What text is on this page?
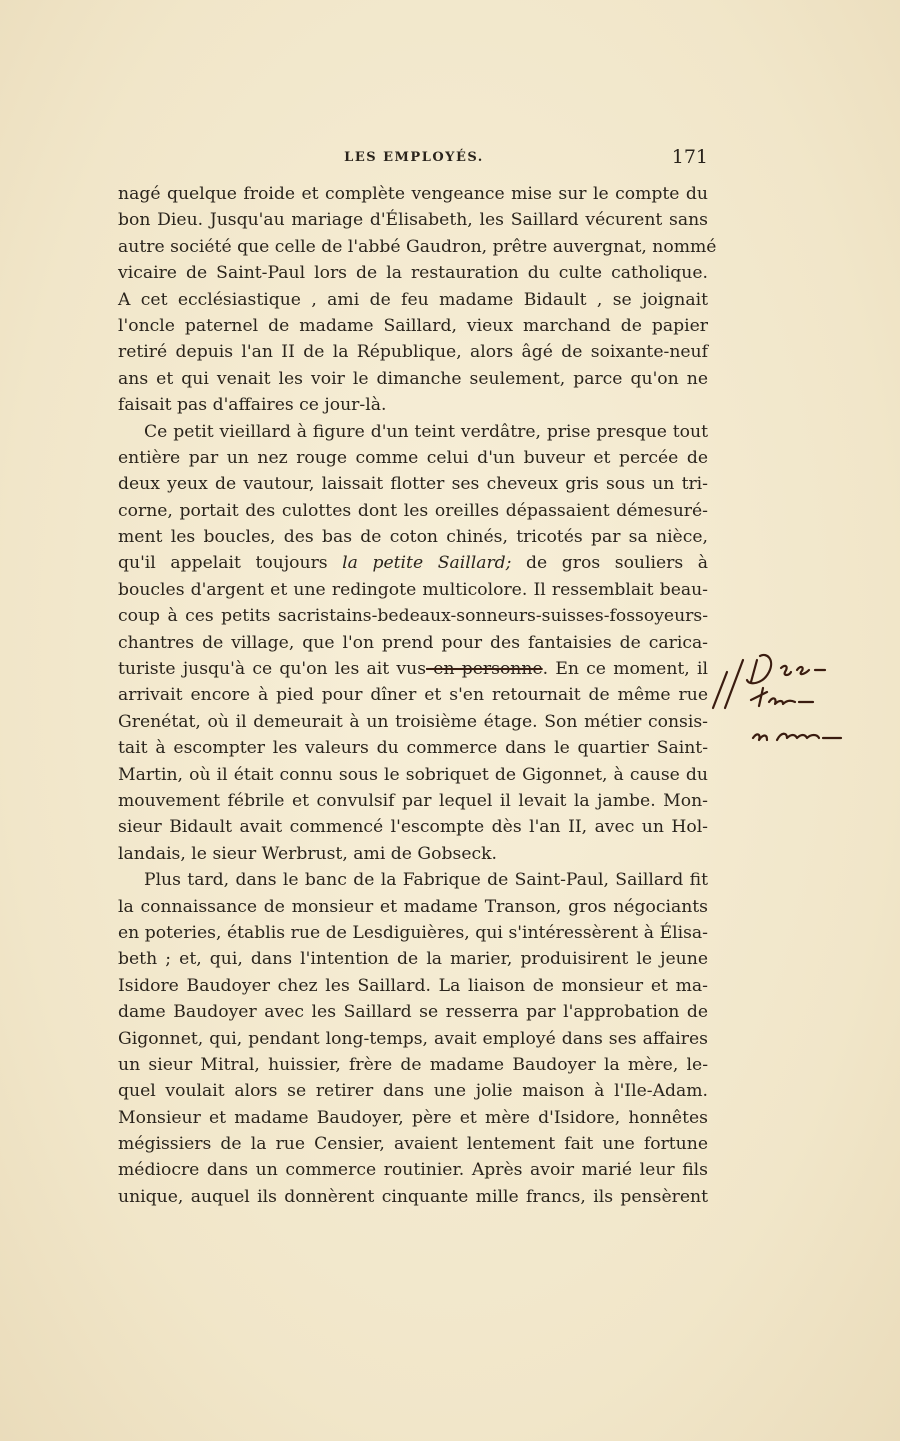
LES EMPLOYÉS.	171
nagé quelque froide et complète vengeance mise sur le compte du
bon Dieu. Jusqu'au mariage d'Élisabeth, les Saillard vécurent sans
autre société que celle de l'abbé Gaudron, prêtre auvergnat, nommé
vicaire de Saint-Paul lors de la restauration du culte catholique.
A cet ecclésiastique , ami de feu madame Bidault , se joignait
l'oncle paternel de madame Saillard, vieux marchand de papier
retiré depuis l'an II de la République, alors âgé de soixante-neuf
ans et qui venait les voir le dimanche seulement, parce qu'on ne
faisait pas d'affaires ce jour-là.
Ce petit vieillard à figure d'un teint verdâtre, prise presque tout
entière par un nez rouge comme celui d'un buveur et percée de
deux yeux de vautour, laissait flotter ses cheveux gris sous un tri-
corne, portait des culottes dont les oreilles dépassaient démesuré-
ment les boucles, des bas de coton chinés, tricotés par sa nièce,
qu'il appelait toujours la petite Saillard; de gros souliers à
boucles d'argent et une redingote multicolore. Il ressemblait beau-
coup à ces petits sacristains-bedeaux-sonneurs-suisses-fossoyeurs-
chantres de village, que l'on prend pour des fantaisies de carica-
turiste jusqu'à ce qu'on les ait vus en personne. En ce moment, il
arrivait encore à pied pour dîner et s'en retournait de même rue
Grenétat, où il demeurait à un troisième étage. Son métier consis-
tait à escompter les valeurs du commerce dans le quartier Saint-
Martin, où il était connu sous le sobriquet de Gigonnet, à cause du
mouvement fébrile et convulsif par lequel il levait la jambe. Mon-
sieur Bidault avait commencé l'escompte dès l'an II, avec un Hol-
landais, le sieur Werbrust, ami de Gobseck.
Plus tard, dans le banc de la Fabrique de Saint-Paul, Saillard fit
la connaissance de monsieur et madame Transon, gros négociants
en poteries, établis rue de Lesdiguières, qui s'intéressèrent à Élisa-
beth ; et, qui, dans l'intention de la marier, produisirent le jeune
Isidore Baudoyer chez les Saillard. La liaison de monsieur et ma-
dame Baudoyer avec les Saillard se resserra par l'approbation de
Gigonnet, qui, pendant long-temps, avait employé dans ses affaires
un sieur Mitral, huissier, frère de madame Baudoyer la mère, le-
quel voulait alors se retirer dans une jolie maison à l'Ile-Adam.
Monsieur et madame Baudoyer, père et mère d'Isidore, honnêtes
mégissiers de la rue Censier, avaient lentement fait une fortune
médiocre dans un commerce routinier. Après avoir marié leur fils
unique, auquel ils donnèrent cinquante mille francs, ils pensèrent
